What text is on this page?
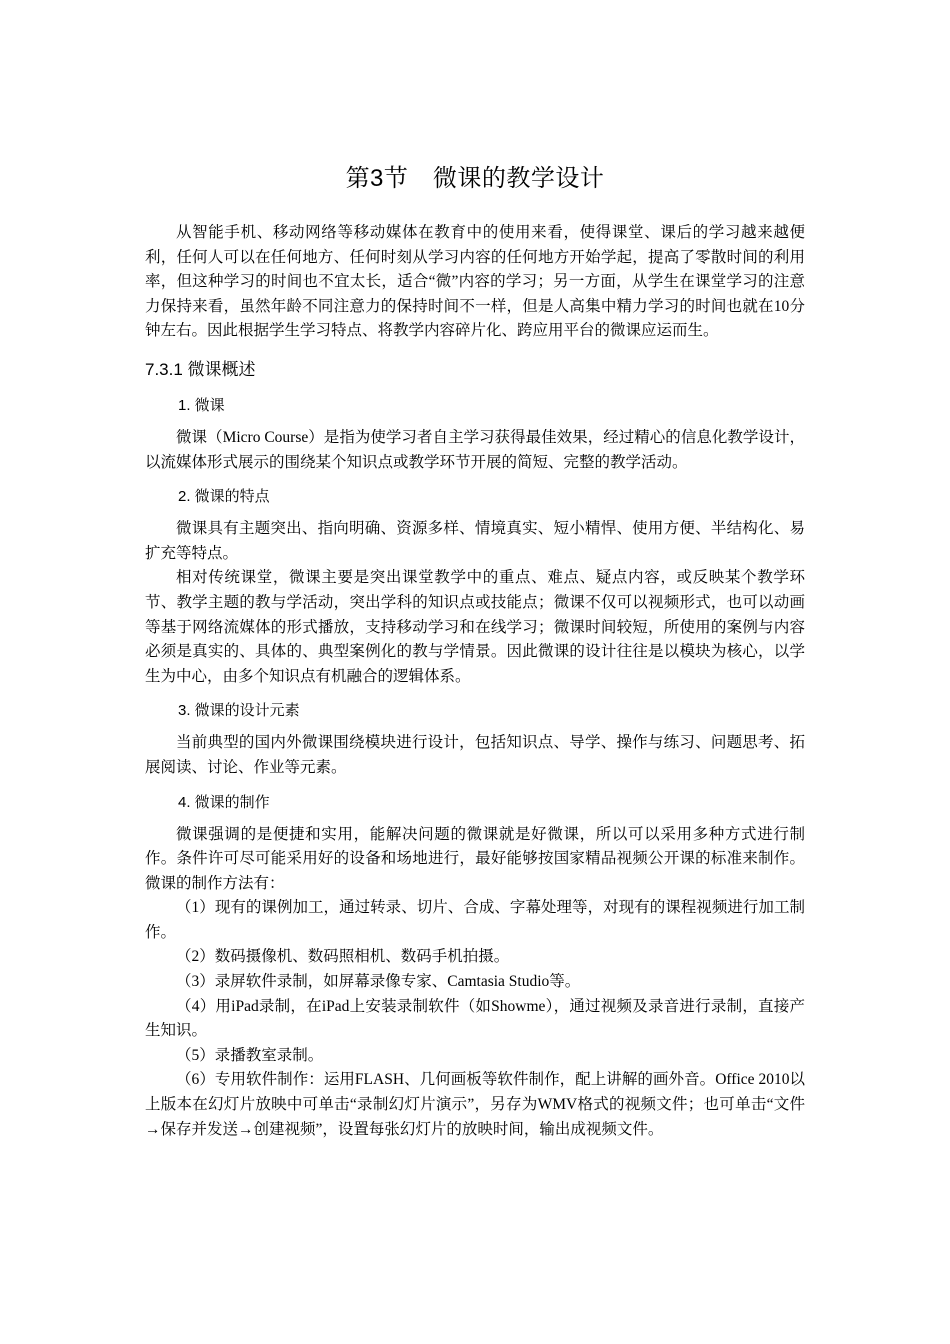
第3节　微课的教学设计

从智能手机、移动网络等移动媒体在教育中的使用来看，使得课堂、课后的学习越来越便利，任何人可以在任何地方、任何时刻从学习内容的任何地方开始学起，提高了零散时间的利用率，但这种学习的时间也不宜太长，适合“微”内容的学习；另一方面，从学生在课堂学习的注意力保持来看，虽然年龄不同注意力的保持时间不一样，但是人高集中精力学习的时间也就在10分钟左右。因此根据学生学习特点、将教学内容碎片化、跨应用平台的微课应运而生。

7.3.1 微课概述
1. 微课

微课（Micro Course）是指为使学习者自主学习获得最佳效果，经过精心的信息化教学设计，以流媒体形式展示的围绕某个知识点或教学环节开展的简短、完整的教学活动。

2. 微课的特点

微课具有主题突出、指向明确、资源多样、情境真实、短小精悍、使用方便、半结构化、易扩充等特点。

相对传统课堂，微课主要是突出课堂教学中的重点、难点、疑点内容，或反映某个教学环节、教学主题的教与学活动，突出学科的知识点或技能点；微课不仅可以视频形式，也可以动画等基于网络流媒体的形式播放，支持移动学习和在线学习；微课时间较短，所使用的案例与内容必须是真实的、具体的、典型案例化的教与学情景。因此微课的设计往往是以模块为核心，以学生为中心，由多个知识点有机融合的逻辑体系。

3. 微课的设计元素

当前典型的国内外微课围绕模块进行设计，包括知识点、导学、操作与练习、问题思考、拓展阅读、讨论、作业等元素。

4. 微课的制作

微课强调的是便捷和实用，能解决问题的微课就是好微课，所以可以采用多种方式进行制作。条件许可尽可能采用好的设备和场地进行，最好能够按国家精品视频公开课的标准来制作。微课的制作方法有：

（1）现有的课例加工，通过转录、切片、合成、字幕处理等，对现有的课程视频进行加工制作。

（2）数码摄像机、数码照相机、数码手机拍摄。

（3）录屏软件录制，如屏幕录像专家、Camtasia Studio等。

（4）用iPad录制，在iPad上安装录制软件（如Showme），通过视频及录音进行录制，直接产生知识。

（5）录播教室录制。

（6）专用软件制作：运用FLASH、几何画板等软件制作，配上讲解的画外音。Office 2010以上版本在幻灯片放映中可单击“录制幻灯片演示”，另存为WMV格式的视频文件；也可单击“文件→保存并发送→创建视频”，设置每张幻灯片的放映时间，输出成视频文件。
